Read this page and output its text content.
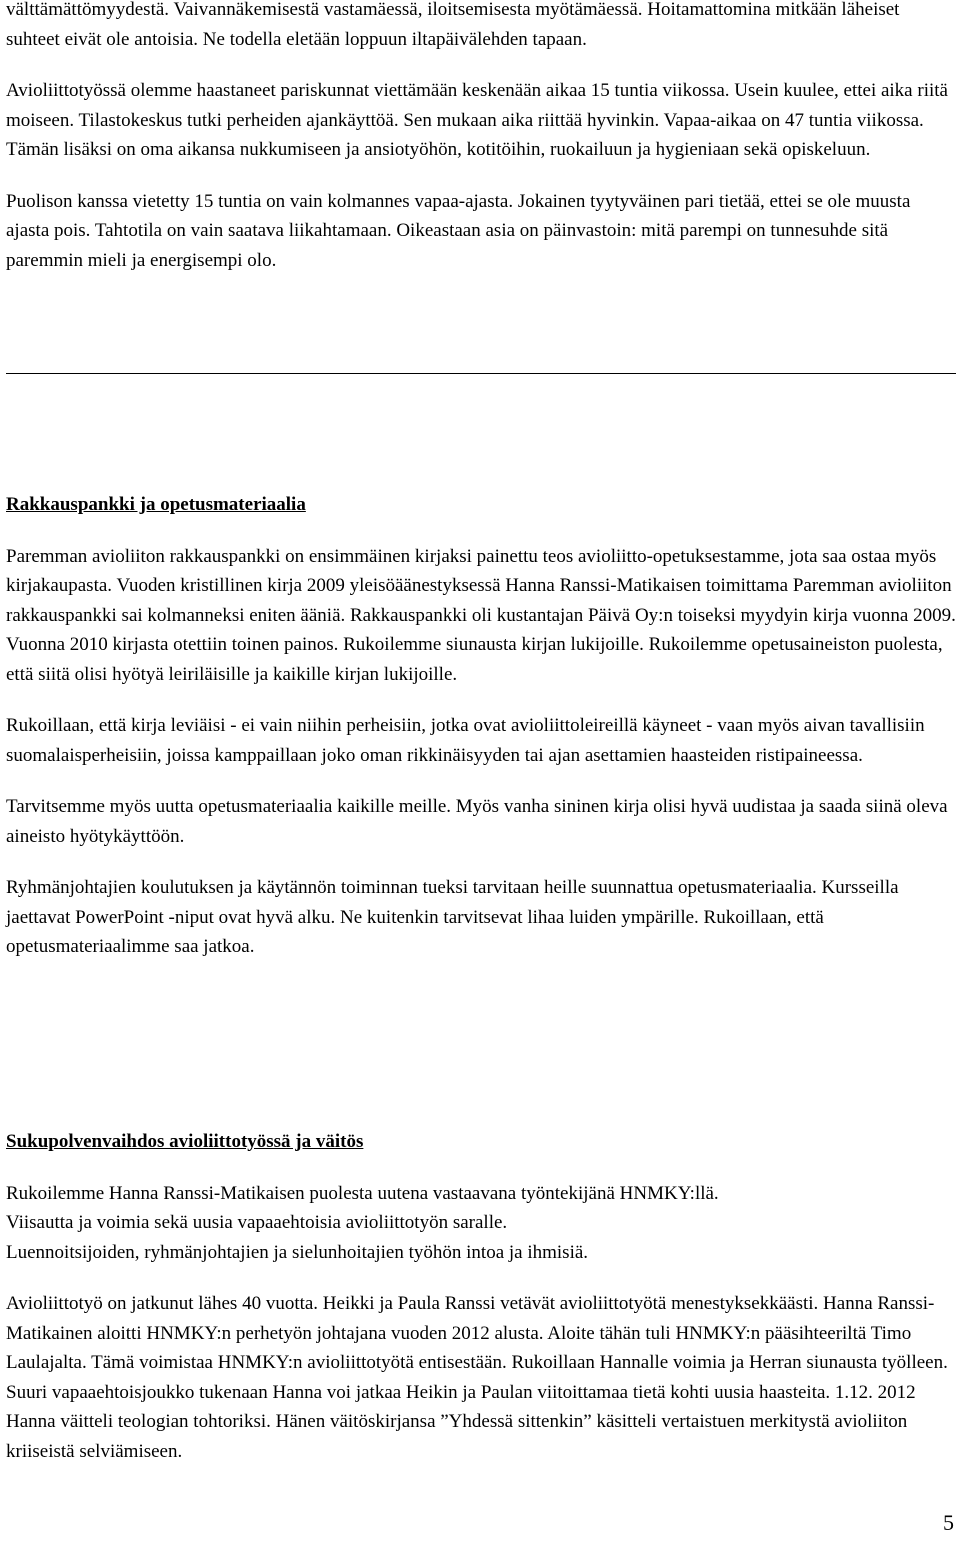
välttämättömyydestä. Vaivannäkemisestä vastamäessä, iloitsemisesta myötämäessä. Hoitamattomina mitkään läheiset suhteet eivät ole antoisia. Ne todella eletään loppuun iltapäivälehden tapaan.

Avioliittotyössä olemme haastaneet pariskunnat viettämään keskenään aikaa 15 tuntia viikossa. Usein kuulee, ettei aika riitä moiseen. Tilastokeskus tutki perheiden ajankäyttöä. Sen mukaan aika riittää hyvinkin. Vapaa-aikaa on 47 tuntia viikossa. Tämän lisäksi on oma aikansa nukkumiseen ja ansiotyöhön, kotitöihin, ruokailuun ja hygieniaan sekä opiskeluun.

Puolison kanssa vietetty 15 tuntia on vain kolmannes vapaa-ajasta. Jokainen tyytyväinen pari tietää, ettei se ole muusta ajasta pois. Tahtotila on vain saatava liikahtamaan. Oikeastaan asia on päinvastoin: mitä parempi on tunnesuhde sitä paremmin mieli ja energisempi olo.

Rakkauspankki ja opetusmateriaalia

Paremman avioliiton rakkauspankki on ensimmäinen kirjaksi painettu teos avioliitto-opetuksestamme, jota saa ostaa myös kirjakaupasta. Vuoden kristillinen kirja 2009 yleisöäänestyksessä Hanna Ranssi-Matikaisen toimittama Paremman avioliiton rakkauspankki sai kolmanneksi eniten ääniä. Rakkauspankki oli kustantajan Päivä Oy:n toiseksi myydyin kirja vuonna 2009. Vuonna 2010 kirjasta otettiin toinen painos. Rukoilemme siunausta kirjan lukijoille. Rukoilemme opetusaineiston puolesta, että siitä olisi hyötyä leiriläisille ja kaikille kirjan lukijoille.

Rukoillaan, että kirja leviäisi - ei vain niihin perheisiin, jotka ovat avioliittoleireillä käyneet - vaan myös aivan tavallisiin suomalaisperheisiin, joissa kamppaillaan joko oman rikkinäisyyden tai ajan asettamien haasteiden ristipaineessa.

Tarvitsemme myös uutta opetusmateriaalia kaikille meille. Myös vanha sininen kirja olisi hyvä uudistaa ja saada siinä oleva aineisto hyötykäyttöön.

Ryhmänjohtajien koulutuksen ja käytännön toiminnan tueksi tarvitaan heille suunnattua opetusmateriaalia. Kursseilla jaettavat PowerPoint -niput ovat hyvä alku. Ne kuitenkin tarvitsevat lihaa luiden ympärille. Rukoillaan, että opetusmateriaalimme saa jatkoa.

Sukupolvenvaihdos avioliittotyössä ja väitös

Rukoilemme Hanna Ranssi-Matikaisen puolesta uutena vastaavana työntekijänä HNMKY:llä.

Viisautta ja voimia sekä uusia vapaaehtoisia avioliittotyön saralle.

Luennoitsijoiden, ryhmänjohtajien ja sielunhoitajien työhön intoa ja ihmisiä.

Avioliittotyö on jatkunut lähes 40 vuotta. Heikki ja Paula Ranssi vetävät avioliittotyötä menestyksekkäästi. Hanna Ranssi-Matikainen aloitti HNMKY:n perhetyön johtajana vuoden 2012 alusta. Aloite tähän tuli HNMKY:n pääsihteeriltä Timo Laulajalta. Tämä voimistaa HNMKY:n avioliittotyötä entisestään. Rukoillaan Hannalle voimia ja Herran siunausta työlleen. Suuri vapaaehtoisjoukko tukenaan Hanna voi jatkaa Heikin ja Paulan viitoittamaa tietä kohti uusia haasteita. 1.12. 2012 Hanna väitteli teologian tohtoriksi. Hänen väitöskirjansa ”Yhdessä sittenkin” käsitteli vertaistuen merkitystä avioliiton kriiseistä selviämiseen.

5
